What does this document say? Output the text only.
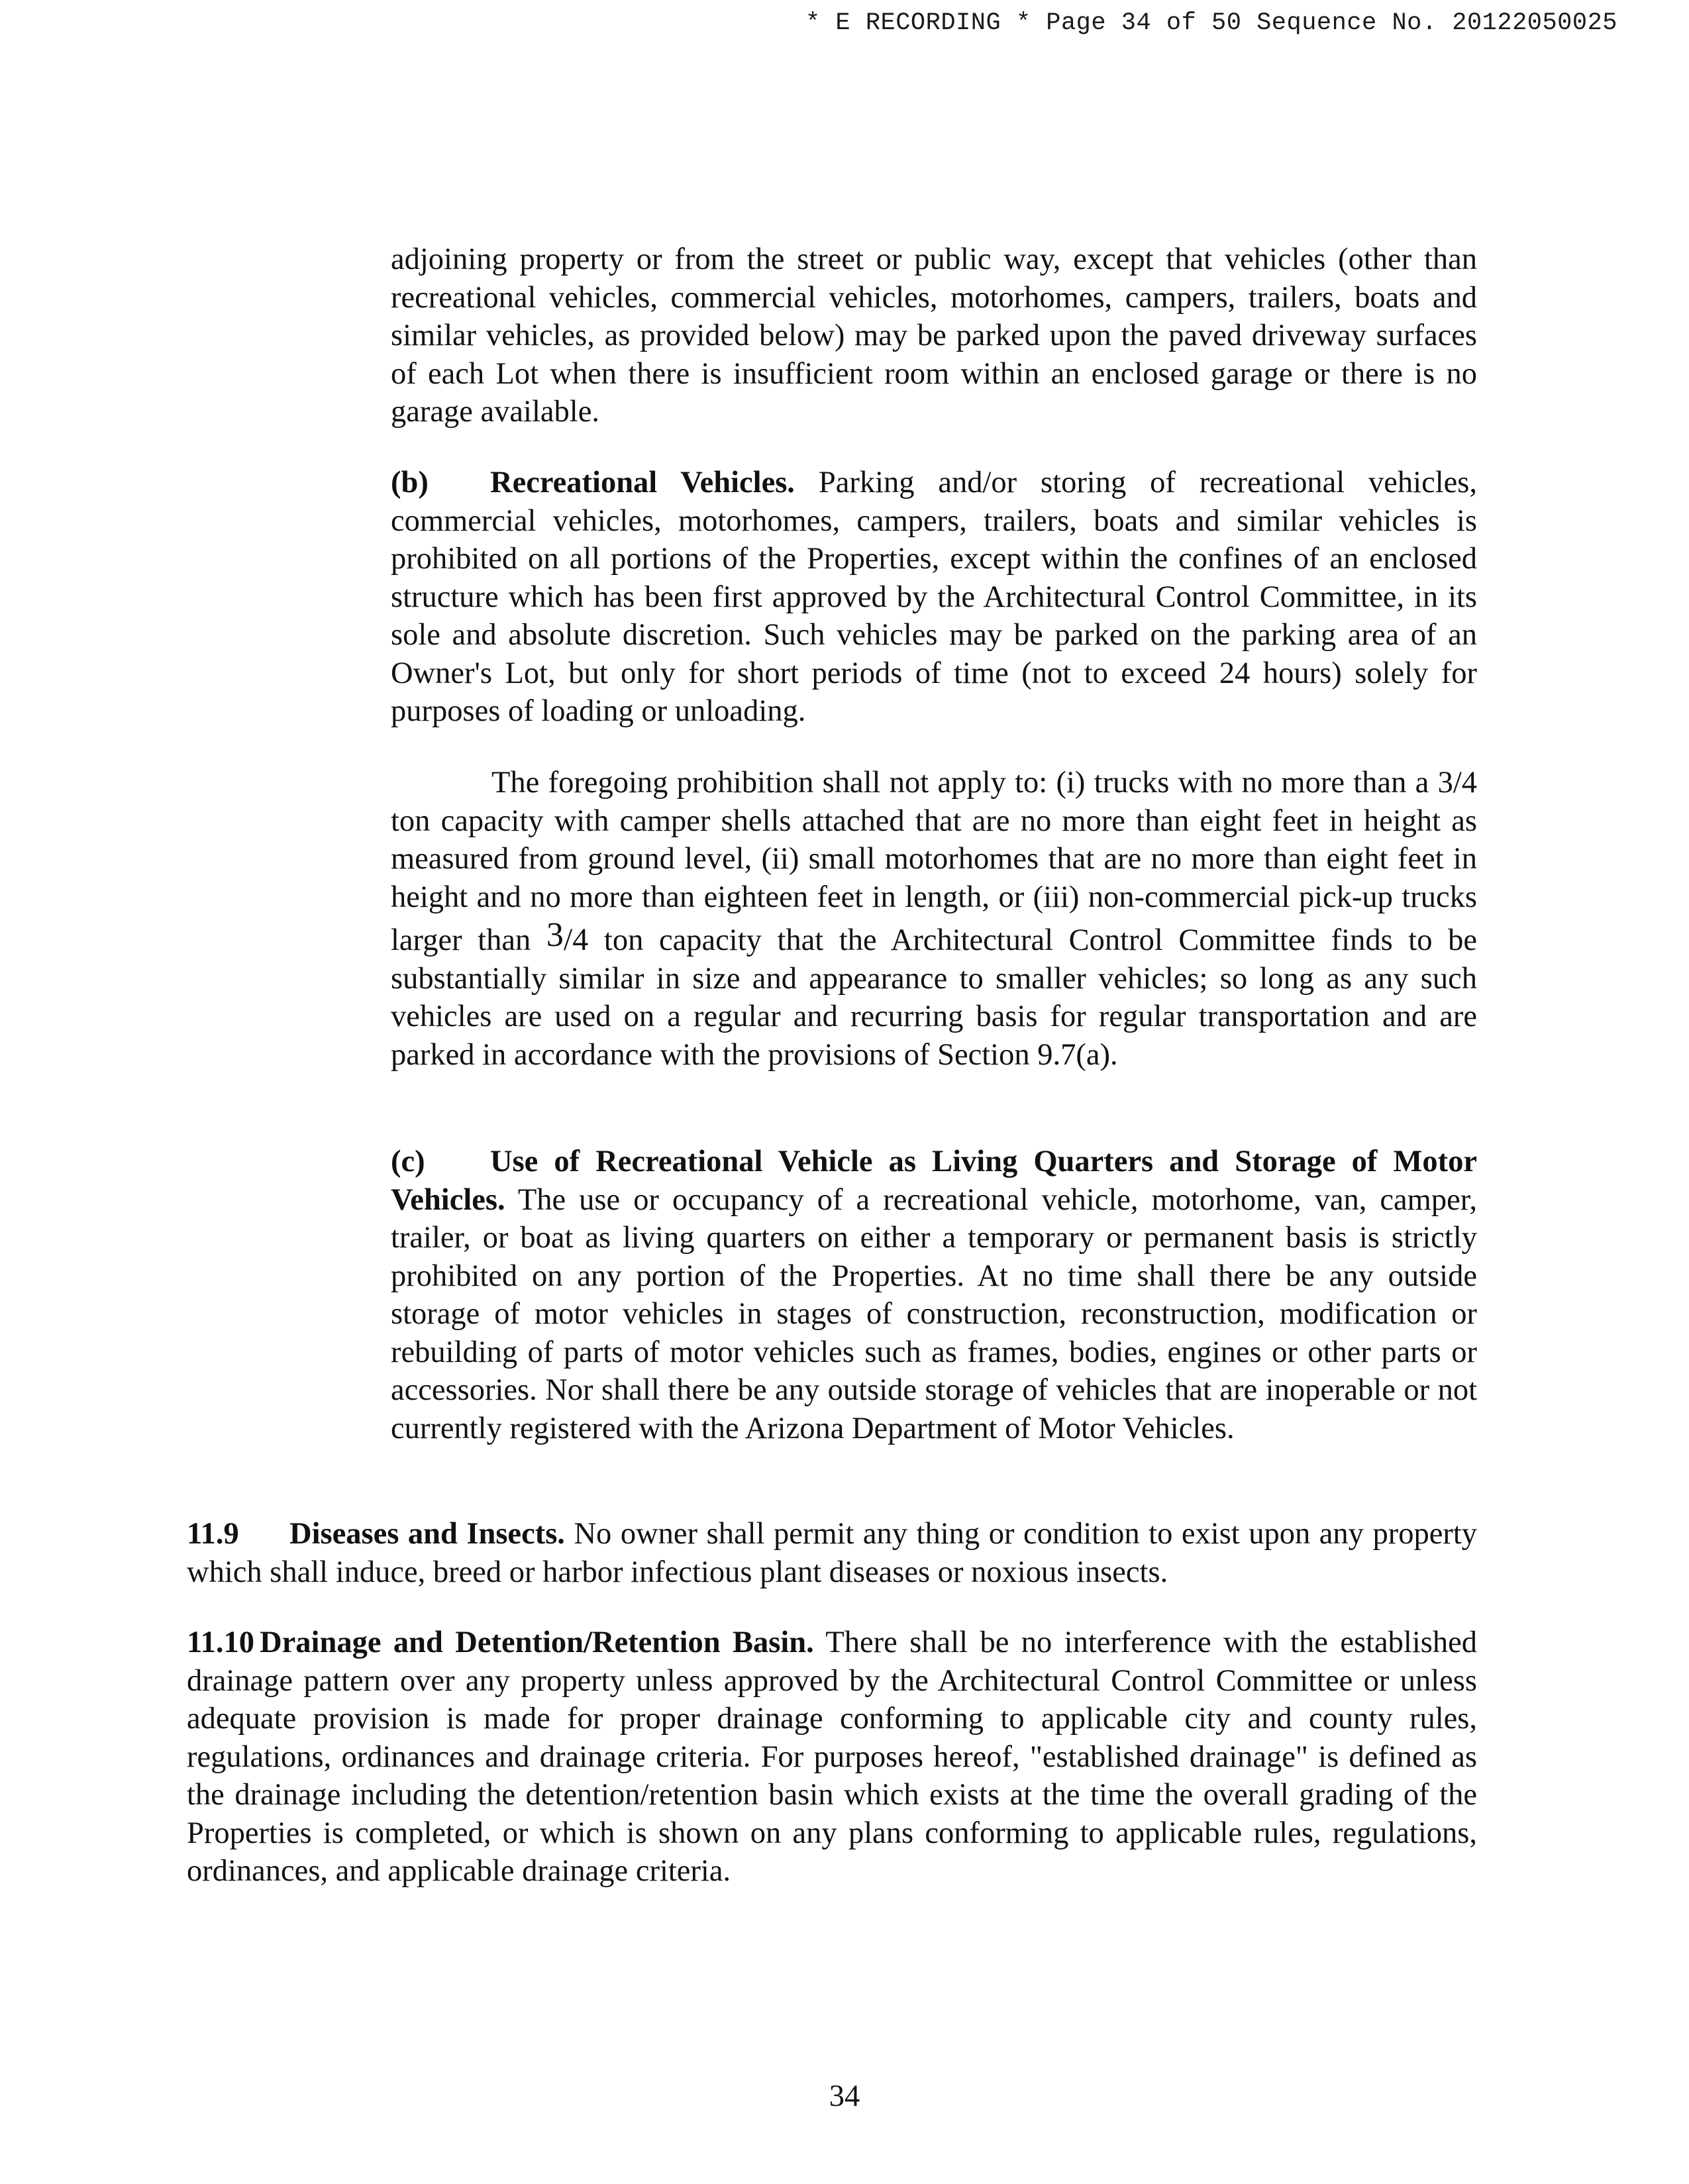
* E RECORDING * Page 34 of 50 Sequence No. 20122050025

adjoining property or from the street or public way, except that vehicles (other than recreational vehicles, commercial vehicles, motorhomes, campers, trailers, boats and similar vehicles, as provided below) may be parked upon the paved driveway surfaces of each Lot when there is insufficient room within an enclosed garage or there is no garage available.

(b) Recreational Vehicles. Parking and/or storing of recreational vehicles, commercial vehicles, motorhomes, campers, trailers, boats and similar vehicles is prohibited on all portions of the Properties, except within the confines of an enclosed structure which has been first approved by the Architectural Control Committee, in its sole and absolute discretion. Such vehicles may be parked on the parking area of an Owner's Lot, but only for short periods of time (not to exceed 24 hours) solely for purposes of loading or unloading.

The foregoing prohibition shall not apply to: (i) trucks with no more than a 3/4 ton capacity with camper shells attached that are no more than eight feet in height as measured from ground level, (ii) small motorhomes that are no more than eight feet in height and no more than eighteen feet in length, or (iii) non-commercial pick-up trucks larger than 3/4 ton capacity that the Architectural Control Committee finds to be substantially similar in size and appearance to smaller vehicles; so long as any such vehicles are used on a regular and recurring basis for regular transportation and are parked in accordance with the provisions of Section 9.7(a).

(c) Use of Recreational Vehicle as Living Quarters and Storage of Motor Vehicles. The use or occupancy of a recreational vehicle, motorhome, van, camper, trailer, or boat as living quarters on either a temporary or permanent basis is strictly prohibited on any portion of the Properties. At no time shall there be any outside storage of motor vehicles in stages of construction, reconstruction, modification or rebuilding of parts of motor vehicles such as frames, bodies, engines or other parts or accessories. Nor shall there be any outside storage of vehicles that are inoperable or not currently registered with the Arizona Department of Motor Vehicles.

11.9 Diseases and Insects. No owner shall permit any thing or condition to exist upon any property which shall induce, breed or harbor infectious plant diseases or noxious insects.

11.10 Drainage and Detention/Retention Basin. There shall be no interference with the established drainage pattern over any property unless approved by the Architectural Control Committee or unless adequate provision is made for proper drainage conforming to applicable city and county rules, regulations, ordinances and drainage criteria. For purposes hereof, "established drainage" is defined as the drainage including the detention/retention basin which exists at the time the overall grading of the Properties is completed, or which is shown on any plans conforming to applicable rules, regulations, ordinances, and applicable drainage criteria.

34
